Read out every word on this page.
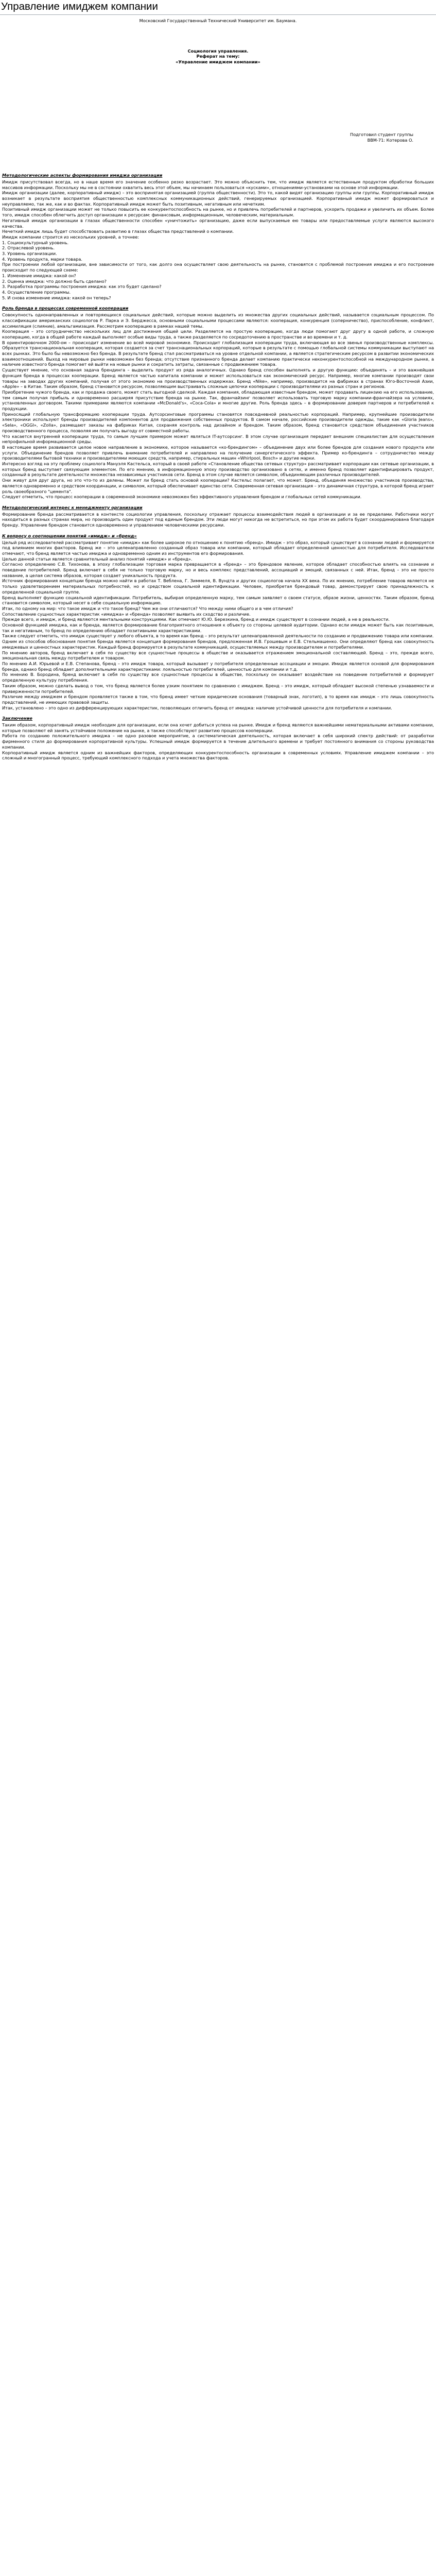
Управление имиджем компании

Московский Государственный Технический Университет им. Баумана.

Социология управления.

Реферат на тему:

«Управление имиджем компании»

Подготовил студент группы

ВВМ-71: Котерова О.

Методологические аспекты формирования имиджа организации

Имидж присутствовал всегда, но в наше время его значение особенно резко возрастает. Это можно объяснить тем, что имидж является естественным продуктом обработки больших массивов информации. Поскольку мы не в состоянии охватить весь этот объем, мы начинаем пользоваться «кусками», отношениями-установками на основе этой информации.

Имидж организации (далее, корпоративный имидж) – это воспринятая организацией (группа общественности). Это то, какой видят организацию группы или группы. Корпоративный имидж возникает в результате восприятия общественностью комплексных коммуникационных действий, генерируемых организацией. Корпоративный имидж может формироваться и неуправляемо, так же, как и во фактах. Корпоративный имидж может быть позитивным, негативным или нечетким.

Позитивный имидж организации может не только повысить ее конкурентоспособность на рынке, но и привлечь потребителей и партнеров, ускорить продажи и увеличить их объем. Более того, имидж способен облегчить доступ организации к ресурсам: финансовым, информационным, человеческим, материальным.

Негативный имидж организации в глазах общественности способен «уничтожить» организацию, даже если выпускаемые ею товары или предоставляемые услуги являются высокого качества.

Нечеткий имидж лишь будет способствовать развитию в глазах общества представлений о компании.

Имидж компании строится из нескольких уровней, а точнее:

1. Социокультурный уровень.

2. Отраслевой уровень.

3. Уровень организации.

4. Уровень продукта, марки товара.

При построении любой организации, вне зависимости от того, как долго она осуществляет свою деятельность на рынке, становятся с проблемой построения имиджа и его построение происходит по следующей схеме:

1. Изменение имиджа: какой он?

2. Оценка имиджа: что должно быть сделано?

3. Разработка программы построения имиджа: как это будет сделано?

4. Осуществление программы.

5. И снова изменение имиджа: какой он теперь?

Роль бренда в процессах современной кооперации

Совокупность однонаправленных и повторяющихся социальных действий, которые можно выделить из множества других социальных действий, называется социальным процессом. По классификации американских социологов Р. Парка и Э. Берджесса, основными социальными процессами являются: кооперация, конкуренция (соперничество), приспособление, конфликт, ассимиляция (слияние), амальгамизация. Рассмотрим кооперацию в рамках нашей темы.

Кооперация – это сотрудничество нескольких лиц для достижения общей цели. Разделяется на простую кооперацию, когда люди помогают друг другу в одной работе, и сложную кооперацию, когда в общей работе каждый выполняет особые виды труда, а также разделяется по сосредоточению в пространстве и во времени и т. д.

В ориентировочном 2000-ом – происходит изменение во всей мировой экономике. Происходит глобализация кооперации труда, включающая во все звенья производственные комплексы. Образуется транснациональная кооперация, которая создается за счет транснациональных корпораций, которые в результате с помощью глобальной системы коммуникации выступают на всех рынках. Это было бы невозможно без бренда. В результате бренд стал рассматриваться на уровне отдельной компании, а является стратегическим ресурсом в развитии экономических взаимоотношений. Выход на мировые рынки невозможен без бренда; отсутствие признанного бренда делает компанию практически неконкурентоспособной на международном рынке, а наличие известного бренда помогает ей выйти на новые рынки и сократить затраты, связанные с продвижением товара.

Существует мнение, что основная задача брендинга – выделить продукт из ряда аналогичных. Однако бренд способен выполнять и другую функцию: объединять – и это важнейшая функция бренда в процессах кооперации. Бренд является частью капитала компании и может использоваться как экономический ресурс. Например, многие компании производят свои товары на заводах других компаний, получая от этого экономию на производственных издержках. Бренд «Nike», например, производится на фабриках в странах Юго-Восточной Азии, «Apple» – в Китае. Таким образом, бренд становится ресурсом, позволяющим выстраивать сложные цепочки кооперации с производителями из разных стран и регионов.

Приобретение чужого бренда, как и продажа своего, может стать выгодной сделкой. Каждая компания, обладающая известным брендом, может продавать лицензию на его использование, тем самым получая прибыль и одновременно расширяя присутствие бренда на рынке. Так, франчайзинг позволяет использовать торговую марку компании-франчайзера на условиях, установленных договором. Такими примерами являются компании «McDonald's», «Coca-Cola» и многие другие. Роль бренда здесь – в формировании доверия партнеров и потребителей к продукции.

Приносящий глобальную трансформацию кооперации труда. Аутсорсинговые программы становятся повседневной реальностью корпораций. Например, крупнейшие производители электроники используют бренды производителей компонентов для продвижения собственных продуктов. В самом начале, российские производители одежды, такие как «Gloria Jeans», «Sela», «OGGI», «Zolla», размещают заказы на фабриках Китая, сохраняя контроль над дизайном и брендом. Таким образом, бренд становится средством объединения участников производственного процесса, позволяя им получать выгоду от совместной работы.

Что касается внутренней кооперации труда, то самым лучшим примером может являться IT-аутсорсинг. В этом случае организация передает внешним специалистам для осуществления непрофильной информационной среды.

В настоящее время развивается целое новое направление в экономике, которое называется «ко-брендингом» – объединение двух или более брендов для создания нового продукта или услуги. Объединение брендов позволяет привлечь внимание потребителей и направлено на получение синергетического эффекта. Пример ко-брендинга – сотрудничество между производителями бытовой техники и производителями моющих средств, например, стиральных машин «Whirlpool, Bosch» и другие марки.

Интересно взгляд на эту проблему социолога Мануэля Кастельса, который в своей работе «Становление общества сетевых структур» рассматривает корпорации как сетевые организации, в которых бренд выступает связующим элементом. По его мнению, в информационную эпоху производство организовано в сетях, и именно бренд позволяет идентифицировать продукт, созданный в результате деятельности множества независимых участников сети. Бренд в этом случае является символом, объединяющим различных производителей.

Они живут для друг друга, но это что-то из делены. Может ли бренд стать основой кооперации? Кастельс полагает, что может. Бренд, объединяя множество участников производства, является одновременно и средством координации, и символом, который обеспечивает единство сети. Современная сетевая организация – это динамичная структура, в которой бренд играет роль своеобразного "цемента".

Следует отметить, что процесс кооперации в современной экономике невозможен без эффективного управления брендом и глобальных сетей коммуникации.

Методологический интерес к менеджменту организации

Формирование бренда рассматривается в контексте социологии управления, поскольку отражает процессы взаимодействия людей в организации и за ее пределами. Работники могут находиться в разных странах мира, но производить один продукт под единым брендом. Эти люди могут никогда не встретиться, но при этом их работа будет скоординирована благодаря бренду. Управление брендом становится одновременно и управлением человеческими ресурсами.

К вопросу о соотношении понятий «имидж» и «бренд»

Целый ряд исследователей рассматривает понятие «имидж» как более широкое по отношению к понятию «бренд». Имидж – это образ, который существует в сознании людей и формируется под влиянием многих факторов. Бренд же – это целенаправленно созданный образ товара или компании, который обладает определенной ценностью для потребителя. Исследователи отмечают, что бренд является частью имиджа и одновременно одним из инструментов его формирования.

Целью данной статьи является сравнительный анализ понятий «имидж» и «бренд».

Согласно определению С.В. Тихонова, в эпоху глобализации торговая марка превращается в «бренд» – это брендовое явление, которое обладает способностью влиять на сознание и поведение потребителей. Бренд включает в себя не только торговую марку, но и весь комплекс представлений, ассоциаций и эмоций, связанных с ней. Итак, бренд – это не просто название, а целая система образов, которая создает уникальность продукта.

Источник формирования концепции бренда можно найти в работах Т. Веблена, Г. Зиммеля, В. Вундта и других социологов начала XX века. По их мнению, потребление товаров является не только удовлетворением материальных потребностей, но и средством социальной идентификации. Человек, приобретая брендовый товар, демонстрирует свою принадлежность к определенной социальной группе.

Бренд выполняет функцию социальной идентификации. Потребитель, выбирая определенную марку, тем самым заявляет о своем статусе, образе жизни, ценностях. Таким образом, бренд становится символом, который несет в себе социальную информацию.

Итак, по одному на мир: что такое имидж и что такое бренд? Чем же они отличаются? Что между ними общего и в чем отличия?

Сопоставление сущностных характеристик «имиджа» и «бренда» позволяет выявить их сходство и различие.

Прежде всего, и имидж, и бренд являются ментальными конструкциями. Как отмечают Ю.Ю. Березкина, бренд и имидж существуют в сознании людей, а не в реальности.

Основной функцией имиджа, как и бренда, является формирование благоприятного отношения к объекту со стороны целевой аудитории. Однако если имидж может быть как позитивным, так и негативным, то бренд по определению обладает позитивными характеристиками.

Также следует отметить, что имидж существует у любого объекта, в то время как бренд – это результат целенаправленной деятельности по созданию и продвижению товара или компании.

Одним из способов обоснования понятия бренда является концепция формирования брендов, предложенная И.В. Грошевым и Е.В. Стельмашенко. Они определяют бренд как совокупность имиджевых и ценностных характеристик. Каждый бренд формируется в результате коммуникаций, осуществляемых между производителем и потребителями.

По мнению авторов, бренд включает в себя по существу все сущностные процессы в обществе и оказывается отражением эмоциональной составляющей. Бренд – это, прежде всего, эмоциональная связь между потребителем и товаром.

По мнению А.И. Юрьевой и Е.В. Степанова, бренд – это имидж товара, который вызывает у потребителя определенные ассоциации и эмоции. Имидж является основой для формирования бренда, однако бренд обладает дополнительными характеристиками: лояльностью потребителей, ценностью для компании и т.д.

По мнению В. Бородина, бренд включает в себя по существу все сущностные процессы в обществе, поскольку он оказывает воздействие на поведение потребителей и формирует определенную культуру потребления.

Таким образом, можно сделать вывод о том, что бренд является более узким понятием по сравнению с имиджем. Бренд – это имидж, который обладает высокой степенью узнаваемости и приверженности потребителей.

Различие между имиджем и брендом проявляется также в том, что бренд имеет четкие юридические основания (товарный знак, логотип), в то время как имидж – это лишь совокупность представлений, не имеющих правовой защиты.

Итак, установлено – это одно из дифференцирующих характеристик, позволяющих отличить бренд от имиджа: наличие устойчивой ценности для потребителя и компании.

Заключение

Таким образом, корпоративный имидж необходим для организации, если она хочет добиться успеха на рынке. Имидж и бренд являются важнейшими нематериальными активами компании, которые позволяют ей занять устойчивое положение на рынке, а также способствуют развитию процессов кооперации.

Работа по созданию положительного имиджа – не одно разовое мероприятие, а систематическая деятельность, которая включает в себя широкий спектр действий: от разработки фирменного стиля до формирования корпоративной культуры. Успешный имидж формируется в течение длительного времени и требует постоянного внимания со стороны руководства компании.

Корпоративный имидж является одним из важнейших факторов, определяющих конкурентоспособность организации в современных условиях. Управление имиджем компании – это сложный и многогранный процесс, требующий комплексного подхода и учета множества факторов.
